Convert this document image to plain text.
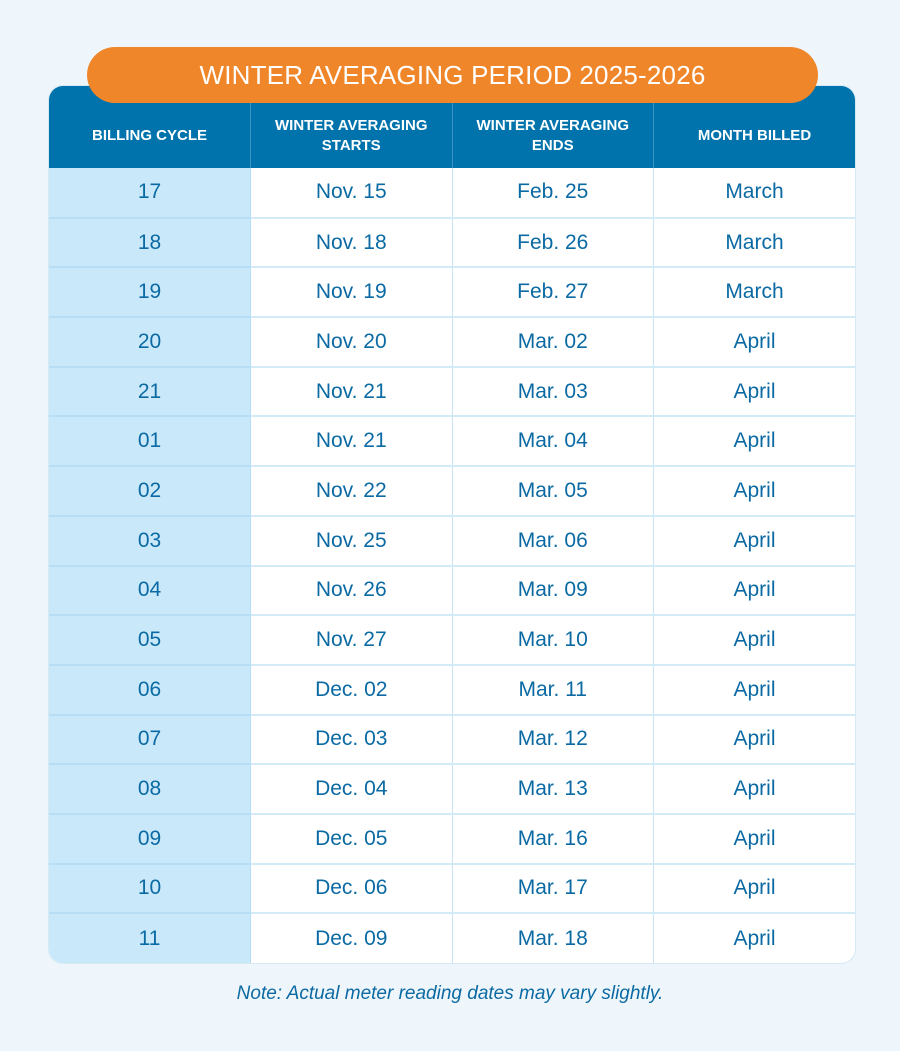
WINTER AVERAGING PERIOD 2025-2026
BILLING CYCLE	WINTER AVERAGING STARTS	WINTER AVERAGING ENDS	MONTH BILLED
17	Nov. 15	Feb. 25	March
18	Nov. 18	Feb. 26	March
19	Nov. 19	Feb. 27	March
20	Nov. 20	Mar. 02	April
21	Nov. 21	Mar. 03	April
01	Nov. 21	Mar. 04	April
02	Nov. 22	Mar. 05	April
03	Nov. 25	Mar. 06	April
04	Nov. 26	Mar. 09	April
05	Nov. 27	Mar. 10	April
06	Dec. 02	Mar. 11	April
07	Dec. 03	Mar. 12	April
08	Dec. 04	Mar. 13	April
09	Dec. 05	Mar. 16	April
10	Dec. 06	Mar. 17	April
11	Dec. 09	Mar. 18	April
Note: Actual meter reading dates may vary slightly.
